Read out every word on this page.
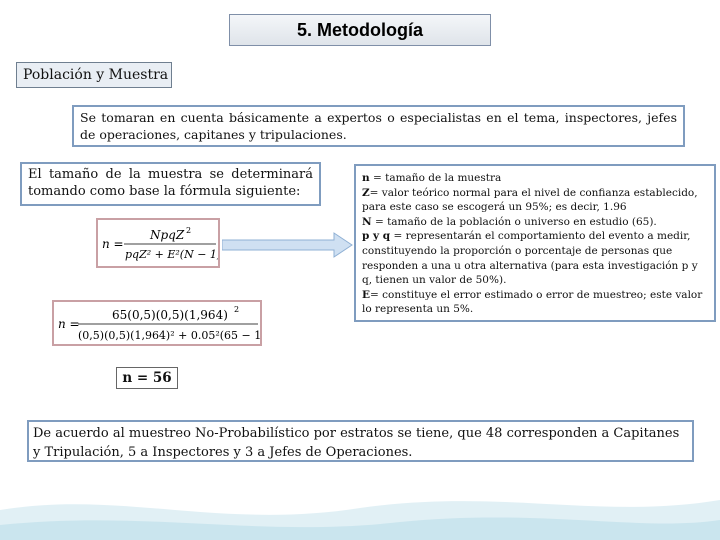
5. Metodología
Población y Muestra
Se tomaran en cuenta básicamente a expertos o especialistas en el tema, inspectores, jefes de operaciones, capitanes y tripulaciones.
El tamaño de la muestra se determinará tomando como base la fórmula siguiente:
n =
NpqZ 2
pqZ² + E²(N − 1)
n =
65(0,5)(0,5)(1,964) 2
(0,5)(0,5)(1,964)² + 0.05²(65 − 1)

n = tamaño de la muestra

Z= valor teórico normal para el nivel de confianza establecido, para este caso se escogerá un 95%; es decir, 1.96

N = tamaño de la población o universo en estudio (65).

p y q = representarán el comportamiento del evento a medir, constituyendo la proporción o porcentaje de personas que responden a una u otra alternativa (para esta investigación p y q, tienen un valor de 50%).

E= constituye el error estimado o error de muestreo; este valor lo representa un 5%.

n = 56
De acuerdo al muestreo No-Probabilístico por estratos se tiene, que 48 corresponden a Capitanes y Tripulación, 5 a Inspectores y 3 a Jefes de Operaciones.
